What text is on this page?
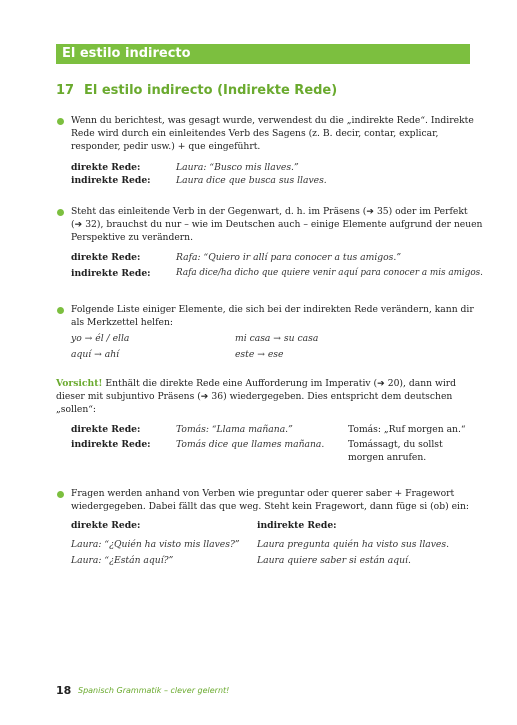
El estilo indirecto
17 El estilo indirecto (Indirekte Rede)
Wenn du berichtest, was gesagt wurde, verwendest du die „indirekte Rede“. Indirekte
Rede wird durch ein einleitendes Verb des Sagens (z. B. decir, contar, explicar,
responder, pedir usw.) + que eingeführt.
direkte Rede:	Laura: “Busco mis llaves.”
indirekte Rede:	Laura dice que busca sus llaves.
Steht das einleitende Verb in der Gegenwart, d. h. im Präsens (➔ 35) oder im Perfekt
(➔ 32), brauchst du nur – wie im Deutschen auch – einige Elemente aufgrund der neuen
Perspektive zu verändern.
direkte Rede:	Rafa: “Quiero ir allí para conocer a tus amigos.”
indirekte Rede:	Rafa dice/ha dicho que quiere venir aquí para conocer a mis amigos.
Folgende Liste einiger Elemente, die sich bei der indirekten Rede verändern, kann dir
als Merkzettel helfen:
yo → él / ella	mi casa → su casa
aquí → ahí	este → ese
Vorsicht! Enthält die direkte Rede eine Aufforderung im Imperativ (➔ 20), dann wird
dieser mit subjuntivo Präsens (➔ 36) wiedergegeben. Dies entspricht dem deutschen
„sollen“:
direkte Rede:	Tomás: “Llama mañana.”	Tomás: „Ruf morgen an.“
indirekte Rede:	Tomás dice que llames mañana.	Tomássagt, du sollst
morgen anrufen.
Fragen werden anhand von Verben wie preguntar oder querer saber + Fragewort
wiedergegeben. Dabei fällt das que weg. Steht kein Fragewort, dann füge si (ob) ein:
direkte Rede:	indirekte Rede:
Laura: “¿Quién ha visto mis llaves?” Laura pregunta quién ha visto sus llaves.
Laura: “¿Están aquí?”	Laura quiere saber si están aquí.
18 Spanisch Grammatik – clever gelernt!
